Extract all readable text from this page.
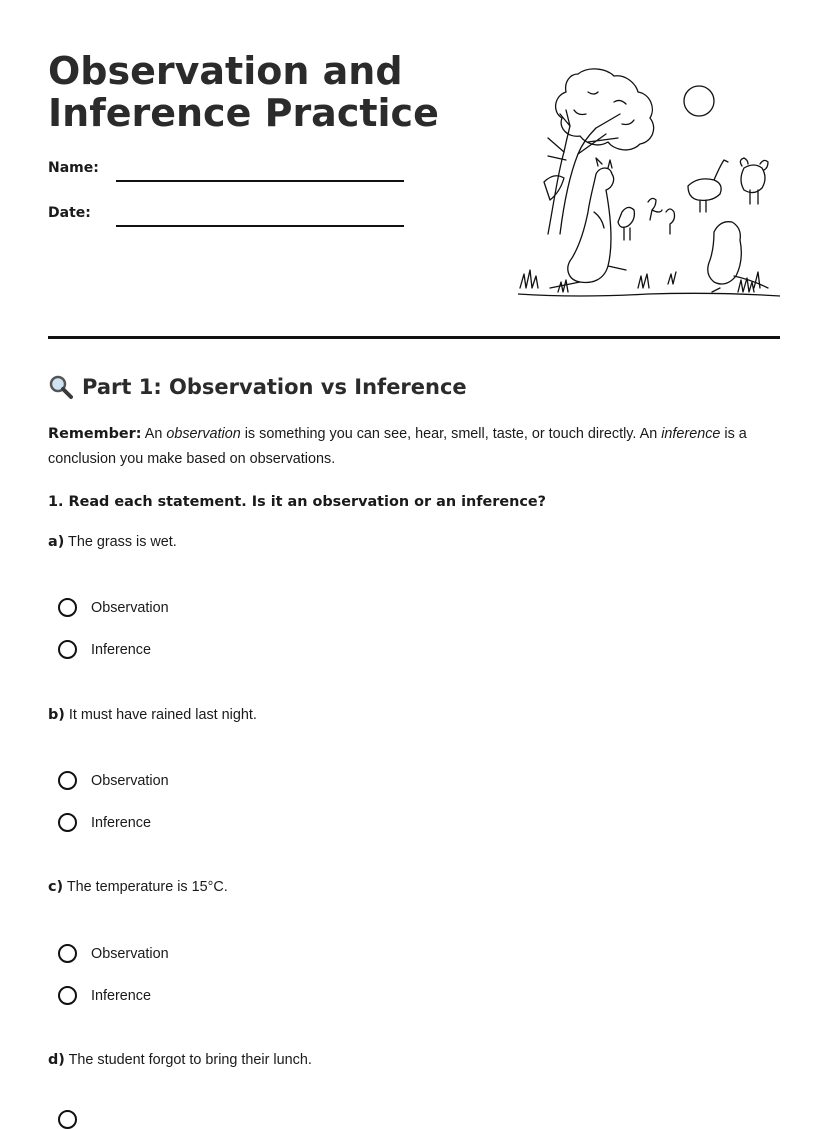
Observation and
Inference Practice
Name:
Date:
Part 1: Observation vs Inference

Remember: An observation is something you can see, hear, smell, taste, or touch directly. An inference is a conclusion you make based on observations.

1. Read each statement. Is it an observation or an inference?

a) The grass is wet.

Observation
Inference

b) It must have rained last night.

Observation
Inference

c) The temperature is 15°C.

Observation
Inference

d) The student forgot to bring their lunch.
